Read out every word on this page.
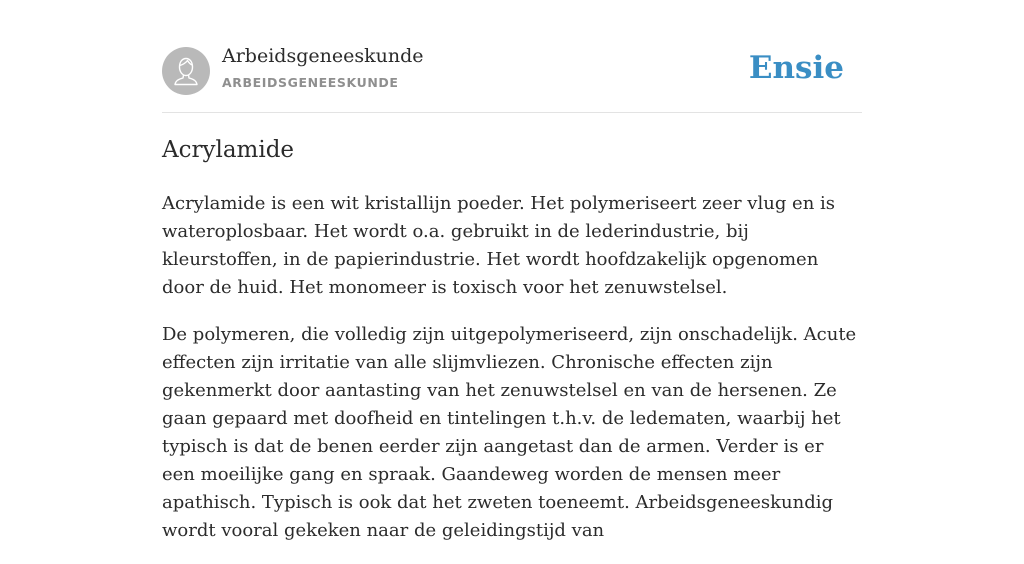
Arbeidsgeneeskunde
ARBEIDSGENEESKUNDE	Ensie
Acrylamide

Acrylamide is een wit kristallijn poeder. Het polymeriseert zeer vlug en is wateroplosbaar. Het wordt o.a. gebruikt in de lederindustrie, bij kleurstoffen, in de papierindustrie. Het wordt hoofdzakelijk opgenomen door de huid. Het monomeer is toxisch voor het zenuwstelsel.

De polymeren, die volledig zijn uitgepolymeriseerd, zijn onschadelijk. Acute effecten zijn irritatie van alle slijmvliezen. Chronische effecten zijn gekenmerkt door aantasting van het zenuwstelsel en van de hersenen. Ze gaan gepaard met doofheid en tintelingen t.h.v. de ledematen, waarbij het typisch is dat de benen eerder zijn aangetast dan de armen. Verder is er een moeilijke gang en spraak. Gaandeweg worden de mensen meer apathisch. Typisch is ook dat het zweten toeneemt. Arbeidsgeneeskundig wordt vooral gekeken naar de geleidingstijd van
